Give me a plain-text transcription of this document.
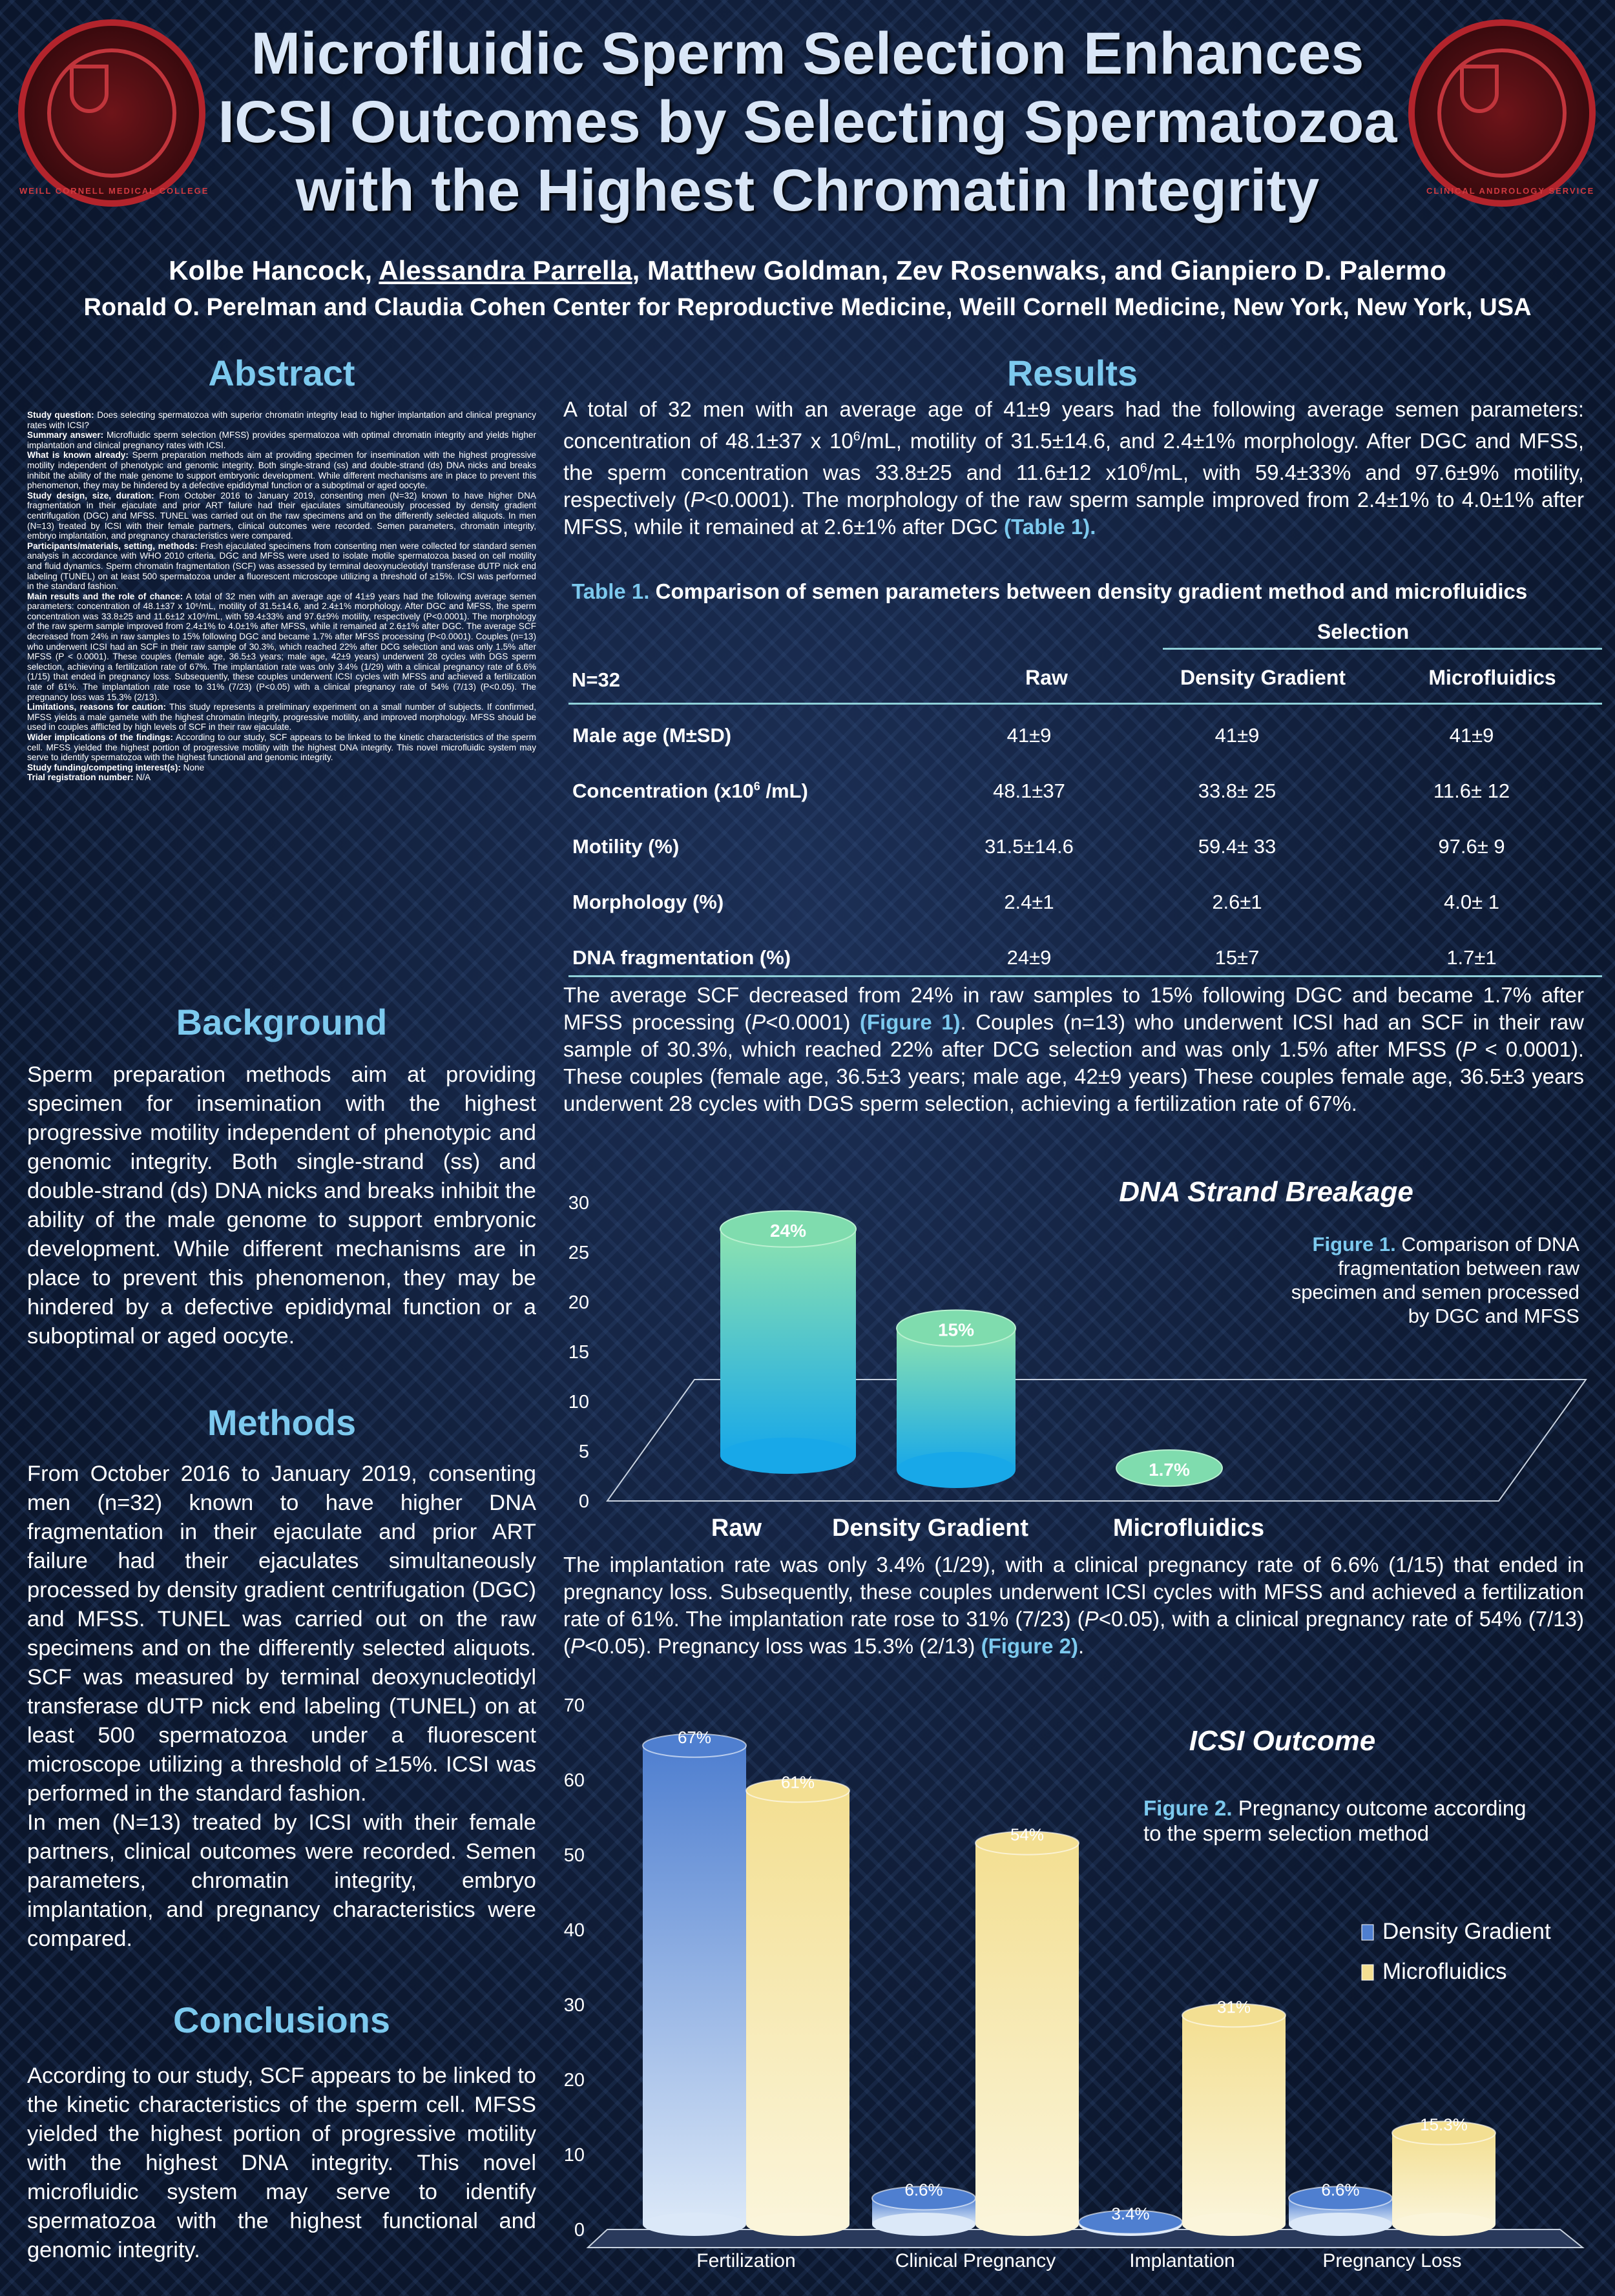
WEILL CORNELL MEDICAL COLLEGE	CLINICAL ANDROLOGY SERVICE
Microfluidic Sperm Selection Enhances
ICSI Outcomes by Selecting Spermatozoa
with the Highest Chromatin Integrity
Kolbe Hancock, Alessandra Parrella, Matthew Goldman, Zev Rosenwaks, and Gianpiero D. Palermo
Ronald O. Perelman and Claudia Cohen Center for Reproductive Medicine, Weill Cornell Medicine, New York, New York, USA
Abstract

Study question: Does selecting spermatozoa with superior chromatin integrity lead to higher implantation and clinical pregnancy rates with ICSI?

Summary answer: Microfluidic sperm selection (MFSS) provides spermatozoa with optimal chromatin integrity and yields higher implantation and clinical pregnancy rates with ICSI.

What is known already: Sperm preparation methods aim at providing specimen for insemination with the highest progressive motility independent of phenotypic and genomic integrity. Both single-strand (ss) and double-strand (ds) DNA nicks and breaks inhibit the ability of the male genome to support embryonic development. While different mechanisms are in place to prevent this phenomenon, they may be hindered by a defective epididymal function or a suboptimal or aged oocyte.

Study design, size, duration: From October 2016 to January 2019, consenting men (N=32) known to have higher DNA fragmentation in their ejaculate and prior ART failure had their ejaculates simultaneously processed by density gradient centrifugation (DGC) and MFSS. TUNEL was carried out on the raw specimens and on the differently selected aliquots. In men (N=13) treated by ICSI with their female partners, clinical outcomes were recorded. Semen parameters, chromatin integrity, embryo implantation, and pregnancy characteristics were compared.

Participants/materials, setting, methods: Fresh ejaculated specimens from consenting men were collected for standard semen analysis in accordance with WHO 2010 criteria. DGC and MFSS were used to isolate motile spermatozoa based on cell motility and fluid dynamics. Sperm chromatin fragmentation (SCF) was assessed by terminal deoxynucleotidyl transferase dUTP nick end labeling (TUNEL) on at least 500 spermatozoa under a fluorescent microscope utilizing a threshold of ≥15%. ICSI was performed in the standard fashion.

Main results and the role of chance: A total of 32 men with an average age of 41±9 years had the following average semen parameters: concentration of 48.1±37 x 10⁶/mL, motility of 31.5±14.6, and 2.4±1% morphology. After DGC and MFSS, the sperm concentration was 33.8±25 and 11.6±12 x10⁶/mL, with 59.4±33% and 97.6±9% motility, respectively (P<0.0001). The morphology of the raw sperm sample improved from 2.4±1% to 4.0±1% after MFSS, while it remained at 2.6±1% after DGC. The average SCF decreased from 24% in raw samples to 15% following DGC and became 1.7% after MFSS processing (P<0.0001). Couples (n=13) who underwent ICSI had an SCF in their raw sample of 30.3%, which reached 22% after DCG selection and was only 1.5% after MFSS (P < 0.0001). These couples (female age, 36.5±3 years; male age, 42±9 years) underwent 28 cycles with DGS sperm selection, achieving a fertilization rate of 67%. The implantation rate was only 3.4% (1/29) with a clinical pregnancy rate of 6.6% (1/15) that ended in pregnancy loss. Subsequently, these couples underwent ICSI cycles with MFSS and achieved a fertilization rate of 61%. The implantation rate rose to 31% (7/23) (P<0.05) with a clinical pregnancy rate of 54% (7/13) (P<0.05). The pregnancy loss was 15.3% (2/13).

Limitations, reasons for caution: This study represents a preliminary experiment on a small number of subjects. If confirmed, MFSS yields a male gamete with the highest chromatin integrity, progressive motility, and improved morphology. MFSS should be used in couples afflicted by high levels of SCF in their raw ejaculate.

Wider implications of the findings: According to our study, SCF appears to be linked to the kinetic characteristics of the sperm cell. MFSS yielded the highest portion of progressive motility with the highest DNA integrity. This novel microfluidic system may serve to identify spermatozoa with the highest functional and genomic integrity.

Study funding/competing interest(s): None

Trial registration number: N/A

Background
Sperm preparation methods aim at providing specimen for insemination with the highest progressive motility independent of phenotypic and genomic integrity. Both single-strand (ss) and double-strand (ds) DNA nicks and breaks inhibit the ability of the male genome to support embryonic development. While different mechanisms are in place to prevent this phenomenon, they may be hindered by a defective epididymal function or a suboptimal or aged oocyte.
Methods
From October 2016 to January 2019, consenting men (n=32) known to have higher DNA fragmentation in their ejaculate and prior ART failure had their ejaculates simultaneously processed by density gradient centrifugation (DGC) and MFSS. TUNEL was carried out on the raw specimens and on the differently selected aliquots. SCF was measured by terminal deoxynucleotidyl transferase dUTP nick end labeling (TUNEL) on at least 500 spermatozoa under a fluorescent microscope utilizing a threshold of ≥15%. ICSI was performed in the standard fashion.
In men (N=13) treated by ICSI with their female partners, clinical outcomes were recorded. Semen parameters, chromatin integrity, embryo implantation, and pregnancy characteristics were compared.
Conclusions
According to our study, SCF appears to be linked to the kinetic characteristics of the sperm cell. MFSS yielded the highest portion of progressive motility with the highest DNA integrity. This novel microfluidic system may serve to identify spermatozoa with the highest functional and genomic integrity.
Results
A total of 32 men with an average age of 41±9 years had the following average semen parameters: concentration of 48.1±37 x $10^6/mL$, motility of 31.5±14.6, and 2.4±1% morphology. After DGC and MFSS, the sperm concentration was 33.8±25 and 11.6±12 $x10^6/mL$, with 59.4±33% and 97.6±9% motility, respectively (P<0.0001). The morphology of the raw sperm sample improved from 2.4±1% to 4.0±1% after MFSS, while it remained at 2.6±1% after DGC (Table 1).
Table 1. Comparison of semen parameters between density gradient method and microfluidics
Selection
N=32	Raw	Density Gradient	Microfluidics
Male age (M±SD)	41±9	41±9	41±9
Concentration ($x10^6$ /mL)	48.1±37	33.8± 25	11.6± 12
Motility (%)	31.5±14.6	59.4± 33	97.6± 9
Morphology (%)	2.4±1	2.6±1	4.0± 1
DNA fragmentation (%)	24±9	15±7	1.7±1
The average SCF decreased from 24% in raw samples to 15% following DGC and became 1.7% after MFSS processing (P<0.0001) (Figure 1). Couples (n=13) who underwent ICSI had an SCF in their raw sample of 30.3%, which reached 22% after DCG selection and was only 1.5% after MFSS (P < 0.0001). These couples (female age, 36.5±3 years; male age, 42±9 years) These couples female age, 36.5±3 years underwent 28 cycles with DGS sperm selection, achieving a fertilization rate of 67%.
0
5
10
15
20
25
30	DNA Strand Breakage
24%
15%
1.7%
Raw	Density Gradient	Microfluidics
Figure 1. Comparison of DNA
fragmentation between raw
specimen and semen processed
by DGC and MFSS
The implantation rate was only 3.4% (1/29), with a clinical pregnancy rate of 6.6% (1/15) that ended in pregnancy loss. Subsequently, these couples underwent ICSI cycles with MFSS and achieved a fertilization rate of 61%. The implantation rate rose to 31% (7/23) (P<0.05), with a clinical pregnancy rate of 54% (7/13) (P<0.05). Pregnancy loss was 15.3% (2/13) (Figure 2).
0
10
20
30
40
50
60
70
ICSI Outcome
67%
61%
Fertilization
6.6%
54%
Clinical Pregnancy
3.4%
31%
Implantation
6.6%
15.3%
Pregnancy Loss
Density Gradient
Microfluidics
Figure 2. Pregnancy outcome according
to the sperm selection method
